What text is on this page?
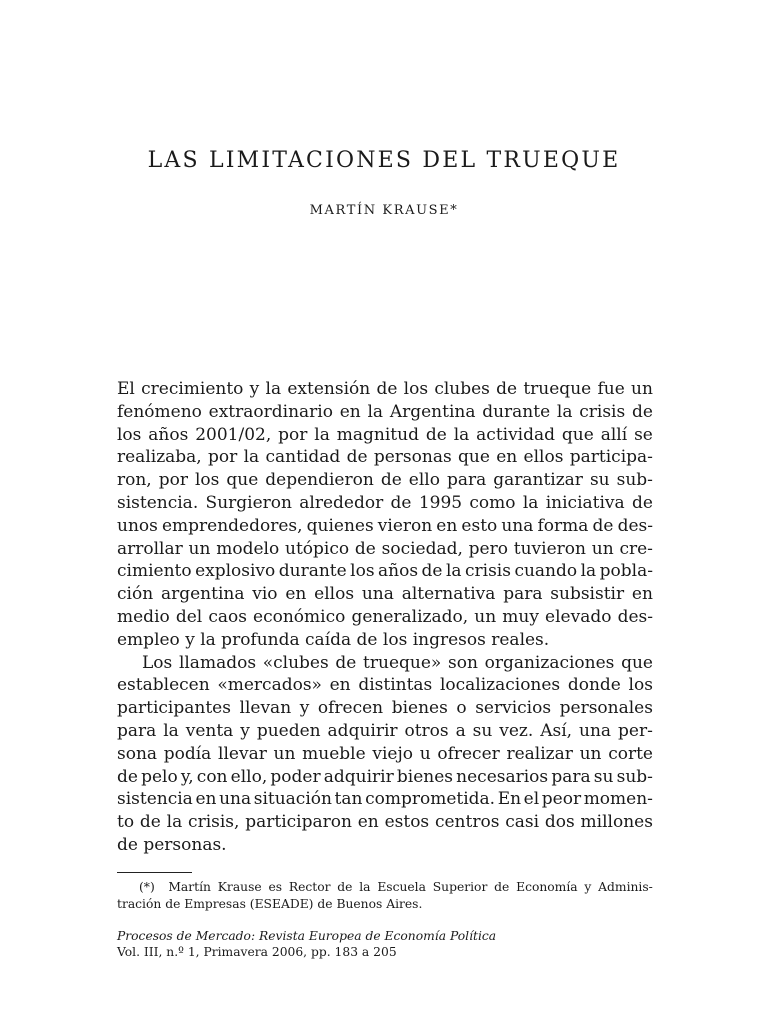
LAS LIMITACIONES DEL TRUEQUE
MARTÍN KRAUSE*
El crecimiento y la extensión de los clubes de trueque fue un
fenómeno extraordinario en la Argentina durante la crisis de
los años 2001/02, por la magnitud de la actividad que allí se
realizaba, por la cantidad de personas que en ellos participa-
ron, por los que dependieron de ello para garantizar su sub-
sistencia. Surgieron alrededor de 1995 como la iniciativa de
unos emprendedores, quienes vieron en esto una forma de des-
arrollar un modelo utópico de sociedad, pero tuvieron un cre-
cimiento explosivo durante los años de la crisis cuando la pobla-
ción argentina vio en ellos una alternativa para subsistir en
medio del caos económico generalizado, un muy elevado des-
empleo y la profunda caída de los ingresos reales.
Los llamados «clubes de trueque» son organizaciones que
establecen «mercados» en distintas localizaciones donde los
participantes llevan y ofrecen bienes o servicios personales
para la venta y pueden adquirir otros a su vez. Así, una per-
sona podía llevar un mueble viejo u ofrecer realizar un corte
de pelo y, con ello, poder adquirir bienes necesarios para su sub-
sistencia en una situación tan comprometida. En el peor momen-
to de la crisis, participaron en estos centros casi dos millones
de personas.
(*) Martín Krause es Rector de la Escuela Superior de Economía y Adminis-
tración de Empresas (ESEADE) de Buenos Aires.
Procesos de Mercado: Revista Europea de Economía Política
Vol. III, n.º 1, Primavera 2006, pp. 183 a 205
